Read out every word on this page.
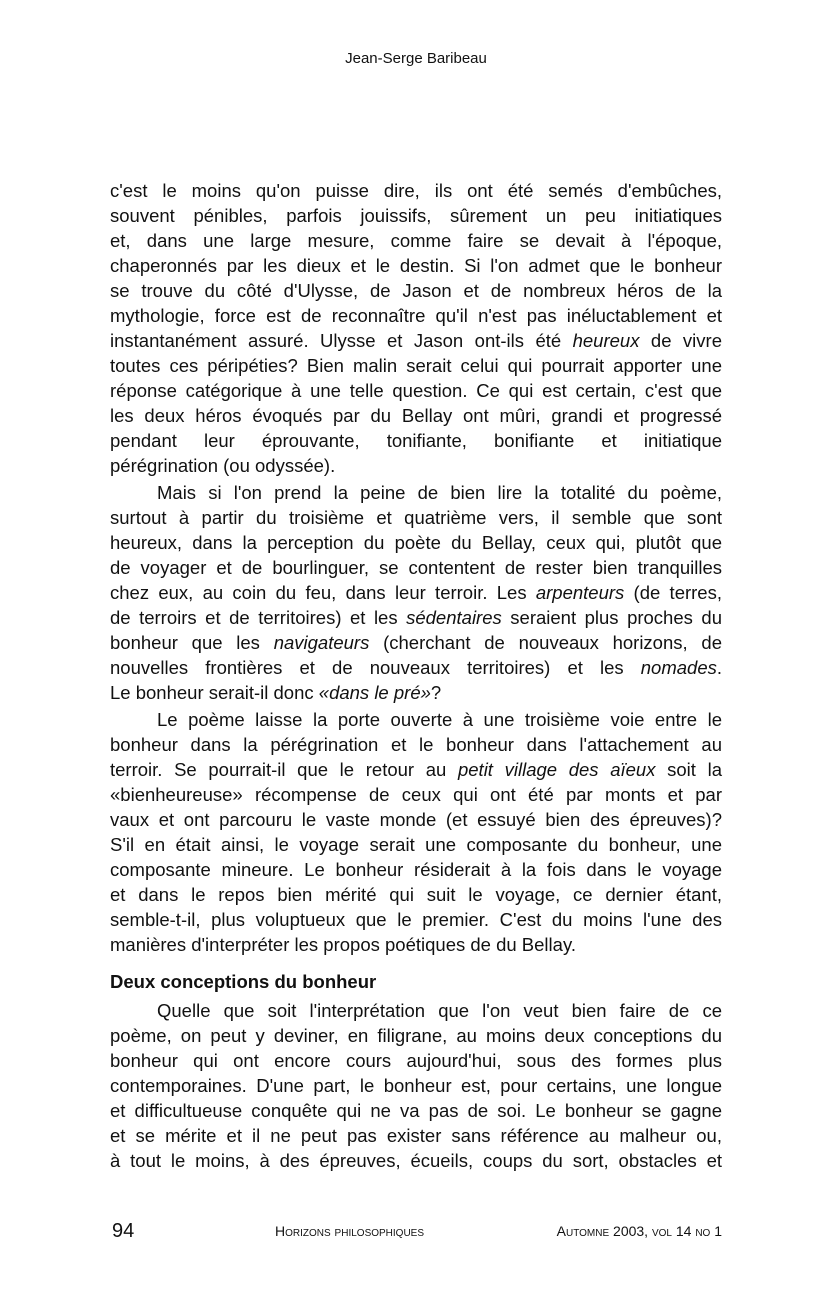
Jean-Serge Baribeau
c'est le moins qu'on puisse dire, ils ont été semés d'embûches,
souvent pénibles, parfois jouissifs, sûrement un peu initiatiques
et, dans une large mesure, comme faire se devait à l'époque,
chaperonnés par les dieux et le destin. Si l'on admet que le bonheur
se trouve du côté d'Ulysse, de Jason et de nombreux héros de la
mythologie, force est de reconnaître qu'il n'est pas inéluctablement et
instantanément assuré. Ulysse et Jason ont-ils été heureux de vivre
toutes ces péripéties? Bien malin serait celui qui pourrait apporter une
réponse catégorique à une telle question. Ce qui est certain, c'est que
les deux héros évoqués par du Bellay ont mûri, grandi et progressé
pendant leur éprouvante, tonifiante, bonifiante et initiatique
pérégrination (ou odyssée).
Mais si l'on prend la peine de bien lire la totalité du poème,
surtout à partir du troisième et quatrième vers, il semble que sont
heureux, dans la perception du poète du Bellay, ceux qui, plutôt que
de voyager et de bourlinguer, se contentent de rester bien tranquilles
chez eux, au coin du feu, dans leur terroir. Les arpenteurs (de terres,
de terroirs et de territoires) et les sédentaires seraient plus proches du
bonheur que les navigateurs (cherchant de nouveaux horizons, de
nouvelles frontières et de nouveaux territoires) et les nomades.
Le bonheur serait-il donc «dans le pré»?
Le poème laisse la porte ouverte à une troisième voie entre le
bonheur dans la pérégrination et le bonheur dans l'attachement au
terroir. Se pourrait-il que le retour au petit village des aïeux soit la
«bienheureuse» récompense de ceux qui ont été par monts et par
vaux et ont parcouru le vaste monde (et essuyé bien des épreuves)?
S'il en était ainsi, le voyage serait une composante du bonheur, une
composante mineure. Le bonheur résiderait à la fois dans le voyage
et dans le repos bien mérité qui suit le voyage, ce dernier étant,
semble-t-il, plus voluptueux que le premier. C'est du moins l'une des
manières d'interpréter les propos poétiques de du Bellay.
Deux conceptions du bonheur
Quelle que soit l'interprétation que l'on veut bien faire de ce
poème, on peut y deviner, en filigrane, au moins deux conceptions du
bonheur qui ont encore cours aujourd'hui, sous des formes plus
contemporaines. D'une part, le bonheur est, pour certains, une longue
et difficultueuse conquête qui ne va pas de soi. Le bonheur se gagne
et se mérite et il ne peut pas exister sans référence au malheur ou,
à tout le moins, à des épreuves, écueils, coups du sort, obstacles et
94	Horizons philosophiques	Automne 2003, vol 14 no 1
